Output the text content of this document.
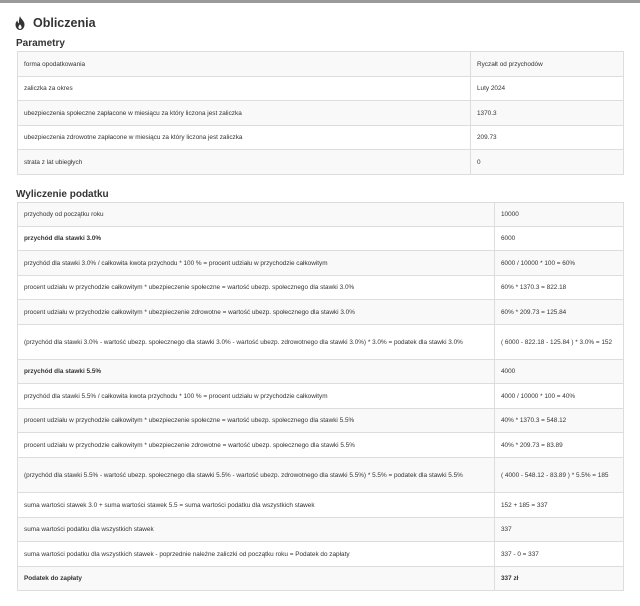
Obliczenia
Parametry
forma opodatkowania	Ryczałt od przychodów
zaliczka za okres	Luty 2024
ubezpieczenia społeczne zapłacone w miesiącu za który liczona jest zaliczka	1370.3
ubezpieczenia zdrowotne zapłacone w miesiącu za który liczona jest zaliczka	209.73
strata z lat ubiegłych	0
Wyliczenie podatku
przychody od początku roku	10000
przychód dla stawki 3.0%	6000
przychód dla stawki 3.0% / całkowita kwota przychodu * 100 % = procent udziału w przychodzie całkowitym	6000 / 10000 * 100 = 60%
procent udziału w przychodzie całkowitym * ubezpieczenie społeczne = wartość ubezp. społecznego dla stawki 3.0%	60% * 1370.3 = 822.18
procent udziału w przychodzie całkowitym * ubezpieczenie zdrowotne = wartość ubezp. społecznego dla stawki 3.0%	60% * 209.73 = 125.84
(przychód dla stawki 3.0% - wartość ubezp. społecznego dla stawki 3.0% - wartość ubezp. zdrowotnego dla stawki 3.0%) * 3.0% = podatek dla stawki 3.0%	( 6000 - 822.18 - 125.84 ) * 3.0% = 152
przychód dla stawki 5.5%	4000
przychód dla stawki 5.5% / całkowita kwota przychodu * 100 % = procent udziału w przychodzie całkowitym	4000 / 10000 * 100 = 40%
procent udziału w przychodzie całkowitym * ubezpieczenie społeczne = wartość ubezp. społecznego dla stawki 5.5%	40% * 1370.3 = 548.12
procent udziału w przychodzie całkowitym * ubezpieczenie zdrowotne = wartość ubezp. społecznego dla stawki 5.5%	40% * 209.73 = 83.89
(przychód dla stawki 5.5% - wartość ubezp. społecznego dla stawki 5.5% - wartość ubezp. zdrowotnego dla stawki 5.5%) * 5.5% = podatek dla stawki 5.5%	( 4000 - 548.12 - 83.89 ) * 5.5% = 185
suma wartości stawek 3.0 + suma wartości stawek 5.5 = suma wartości podatku dla wszystkich stawek	152 + 185 = 337
suma wartości podatku dla wszystkich stawek	337
suma wartości podatku dla wszystkich stawek - poprzednie należne zaliczki od początku roku = Podatek do zapłaty	337 - 0 = 337
Podatek do zapłaty	337 zł
